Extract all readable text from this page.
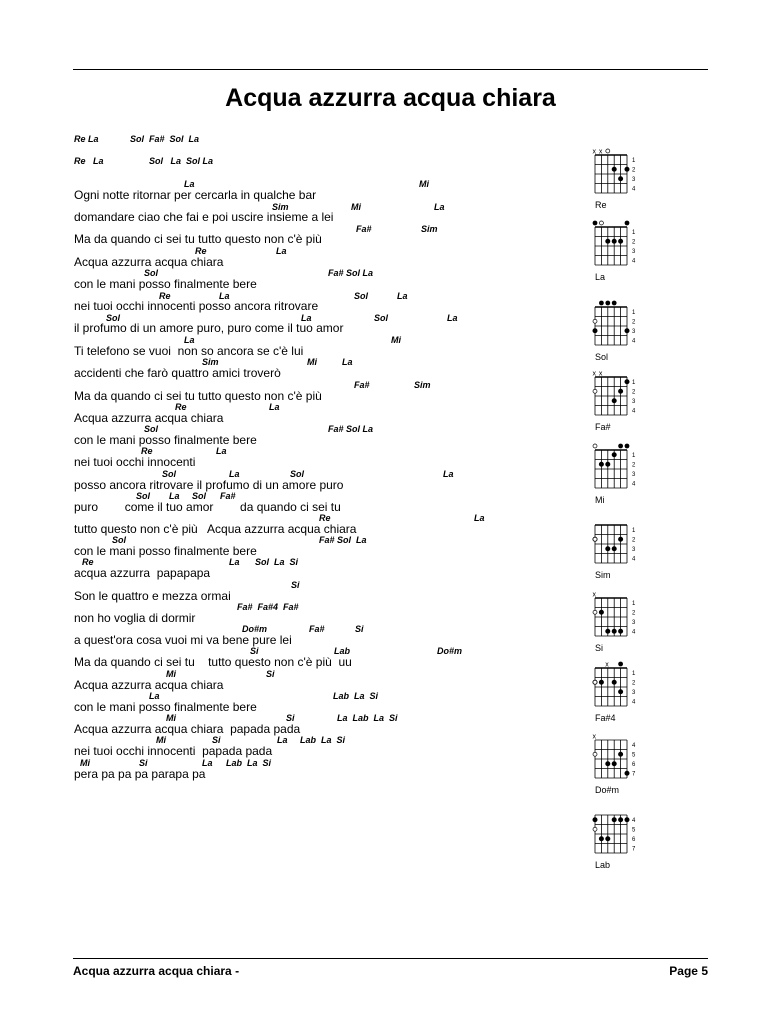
Acqua azzurra acqua chiara
Re La	Sol  Fa#  Sol  La
Re   La	Sol   La  Sol La
La	Mi
Ogni notte ritornar per cercarla in qualche bar
Sim	Mi	La
domandare ciao che fai e poi uscire insieme a lei
Fa#	Sim
Ma da quando ci sei tu tutto questo non c'è più
Re	La
Acqua azzurra acqua chiara
Sol	Fa# Sol La
con le mani posso finalmente bere
Re	La	Sol	La
nei tuoi occhi innocenti posso ancora ritrovare
Sol	La	Sol	La
il profumo di un amore puro, puro come il tuo amor
La	Mi
Ti telefono se vuoi  non so ancora se c'è lui
Sim	Mi	La
accidenti che farò quattro amici troverò
Fa#	Sim
Ma da quando ci sei tu tutto questo non c'è più
Re	La
Acqua azzurra acqua chiara
Sol	Fa# Sol La
con le mani posso finalmente bere
Re	La
nei tuoi occhi innocenti
Sol	La	Sol	La
posso ancora ritrovare il profumo di un amore puro
Sol La Sol Fa#
puro        come il tuo amor        da quando ci sei tu
Re	La
tutto questo non c'è più   Acqua azzurra acqua chiara
Sol	Fa# Sol  La
con le mani posso finalmente bere
Re	La Sol  La  Si
acqua azzurra  papapapa
Si
Son le quattro e mezza ormai
Fa#  Fa#4  Fa#
non ho voglia di dormir
Do#m	Fa#	Si
a quest'ora cosa vuoi mi va bene pure lei
Si	Lab	Do#m
Ma da quando ci sei tu    tutto questo non c'è più  uu
Mi	Si
Acqua azzurra acqua chiara
La	Lab  La  Si
con le mani posso finalmente bere
Mi	Si	La  Lab  La  Si
Acqua azzurra acqua chiara  papada pada
Mi	Si	La Lab  La  Si
nei tuoi occhi innocenti  papada pada
Mi	Si	La Lab  La  Si
pera pa pa pa parapa pa
1
2
3
4
x x
Re
1
2
3
4
La
1
2
3
4
Sol
1
2
3
4
x x
Fa#
1
2
3
4
Mi
1
2
3
4
Sim
1
2
3
4
x
Si
1
2
3
4
x
Fa#4
4
5
6
7
x
Do#m
4
5
6
7
Lab
Acqua azzurra acqua chiara -	Page 5
